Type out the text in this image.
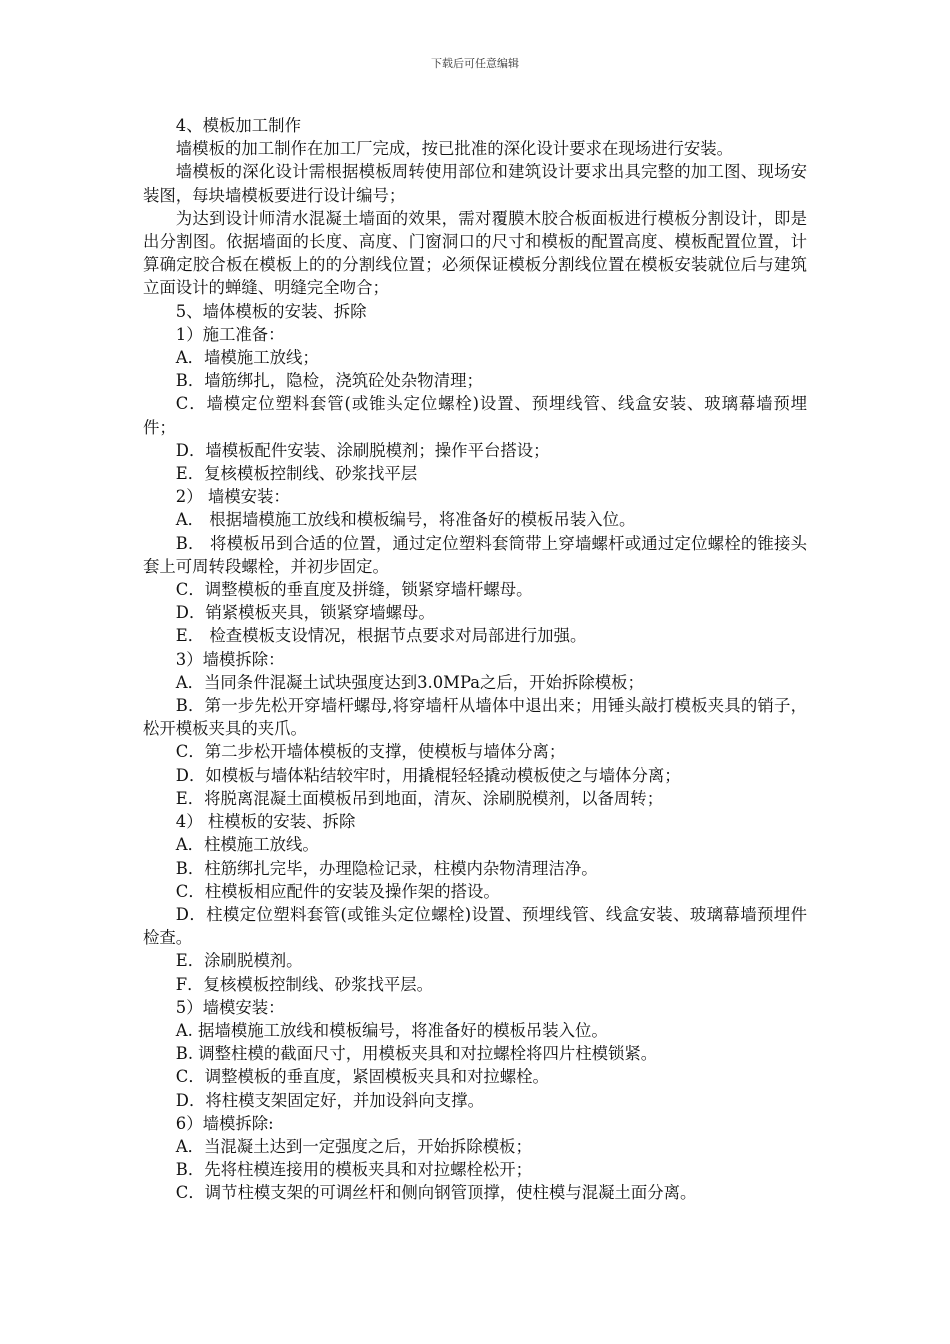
下载后可任意编辑

4、模板加工制作

墙模板的加工制作在加工厂完成，按已批准的深化设计要求在现场进行安装。

墙模板的深化设计需根据模板周转使用部位和建筑设计要求出具完整的加工图、现场安装图，每块墙模板要进行设计编号；

为达到设计师清水混凝土墙面的效果，需对覆膜木胶合板面板进行模板分割设计，即是出分割图。依据墙面的长度、高度、门窗洞口的尺寸和模板的配置高度、模板配置位置，计算确定胶合板在模板上的的分割线位置；必须保证模板分割线位置在模板安装就位后与建筑立面设计的蝉缝、明缝完全吻合；

5、墙体模板的安装、拆除

1）施工准备：

A．墙模施工放线；

B．墙筋绑扎，隐检，浇筑砼处杂物清理；

C．墙模定位塑料套管(或锥头定位螺栓)设置、预埋线管、线盒安装、玻璃幕墙预埋件；

D．墙模板配件安装、涂刷脱模剂；操作平台搭设；

E．复核模板控制线、砂浆找平层

2） 墙模安装：

A． 根据墙模施工放线和模板编号，将准备好的模板吊装入位。

B． 将模板吊到合适的位置，通过定位塑料套筒带上穿墙螺杆或通过定位螺栓的锥接头套上可周转段螺栓，并初步固定。

C．调整模板的垂直度及拼缝，锁紧穿墙杆螺母。

D．销紧模板夹具，锁紧穿墙螺母。

E． 检查模板支设情况，根据节点要求对局部进行加强。

3）墙模拆除：

A．当同条件混凝土试块强度达到3.0MPa之后，开始拆除模板；

B．第一步先松开穿墙杆螺母,将穿墙杆从墙体中退出来；用锤头敲打模板夹具的销子，松开模板夹具的夹爪。

C．第二步松开墙体模板的支撑，使模板与墙体分离；

D．如模板与墙体粘结较牢时，用撬棍轻轻撬动模板使之与墙体分离；

E．将脱离混凝土面模板吊到地面，清灰、涂刷脱模剂，以备周转；

4） 柱模板的安装、拆除

A．柱模施工放线。

B．柱筋绑扎完毕，办理隐检记录，柱模内杂物清理洁净。

C．柱模板相应配件的安装及操作架的搭设。

D．柱模定位塑料套管(或锥头定位螺栓)设置、预埋线管、线盒安装、玻璃幕墙预埋件检查。

E．涂刷脱模剂。

F．复核模板控制线、砂浆找平层。

5）墙模安装：

A. 据墙模施工放线和模板编号，将准备好的模板吊装入位。

B. 调整柱模的截面尺寸，用模板夹具和对拉螺栓将四片柱模锁紧。

C．调整模板的垂直度，紧固模板夹具和对拉螺栓。

D．将柱模支架固定好，并加设斜向支撑。

6）墙模拆除:

A．当混凝土达到一定强度之后，开始拆除模板；

B．先将柱模连接用的模板夹具和对拉螺栓松开；

C．调节柱模支架的可调丝杆和侧向钢管顶撑，使柱模与混凝土面分离。
